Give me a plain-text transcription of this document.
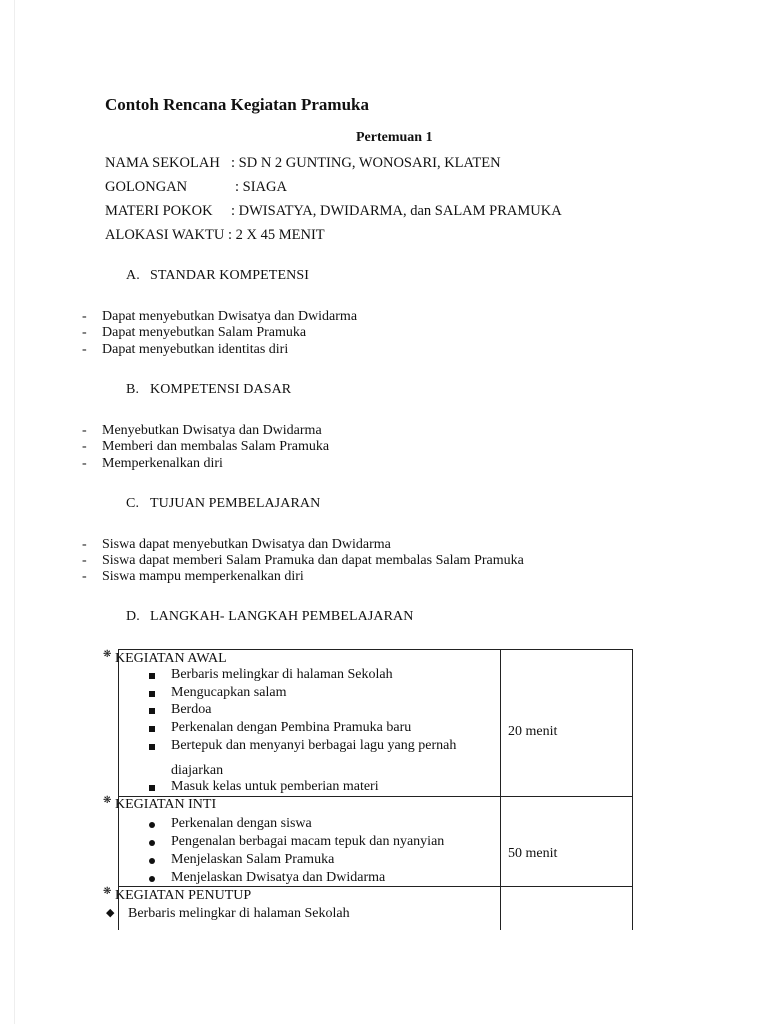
Contoh Rencana Kegiatan Pramuka
Pertemuan 1
NAMA SEKOLAH : SD N 2 GUNTING, WONOSARI, KLATEN
GOLONGAN	: SIAGA
MATERI POKOK : DWISATYA, DWIDARMA, dan SALAM PRAMUKA
ALOKASI WAKTU : 2 X 45 MENIT
A. STANDAR KOMPETENSI
- Dapat menyebutkan Dwisatya dan Dwidarma
- Dapat menyebutkan Salam Pramuka
- Dapat menyebutkan identitas diri
B. KOMPETENSI DASAR
- Menyebutkan Dwisatya dan Dwidarma
- Memberi dan membalas Salam Pramuka
- Memperkenalkan diri
C. TUJUAN PEMBELAJARAN
- Siswa dapat menyebutkan Dwisatya dan Dwidarma
- Siswa dapat memberi Salam Pramuka dan dapat membalas Salam Pramuka
- Siswa mampu memperkenalkan diri
D. LANGKAH- LANGKAH PEMBELAJARAN
❋ KEGIATAN AWAL
Berbaris melingkar di halaman Sekolah
Mengucapkan salam
Berdoa
Perkenalan dengan Pembina Pramuka baru
Bertepuk dan menyanyi berbagai lagu yang pernah
diajarkan
Masuk kelas untuk pemberian materi
20 menit
❋ KEGIATAN INTI
Perkenalan dengan siswa
Pengenalan berbagai macam tepuk dan nyanyian
Menjelaskan Salam Pramuka
Menjelaskan Dwisatya dan Dwidarma
50 menit
❋ KEGIATAN PENUTUP
◆ Berbaris melingkar di halaman Sekolah
